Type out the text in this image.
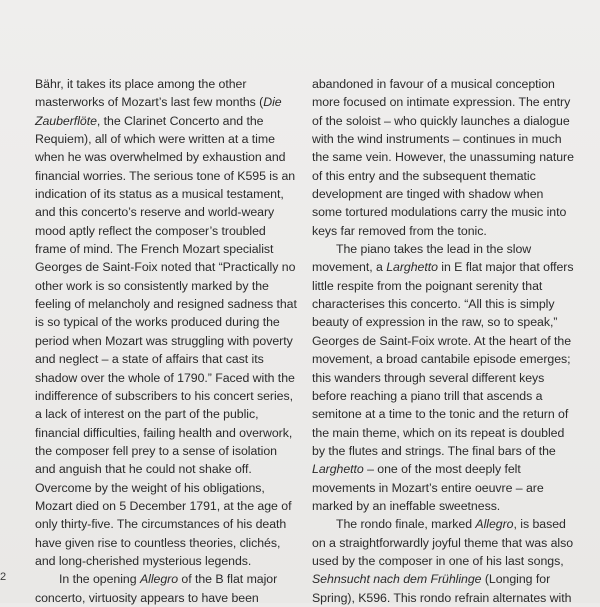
Bähr, it takes its place among the other masterworks of Mozart’s last few months (Die Zauberflöte, the Clarinet Concerto and the Requiem), all of which were written at a time when he was overwhelmed by exhaustion and financial worries. The serious tone of K595 is an indication of its status as a musical testament, and this concerto’s reserve and world-weary mood aptly reflect the composer’s troubled frame of mind. The French Mozart specialist Georges de Saint-Foix noted that “Practically no other work is so consistently marked by the feeling of melancholy and resigned sadness that is so typical of the works produced during the period when Mozart was struggling with poverty and neglect – a state of affairs that cast its shadow over the whole of 1790.” Faced with the indifference of subscribers to his concert series, a lack of interest on the part of the public, financial difficulties, failing health and overwork, the composer fell prey to a sense of isolation and anguish that he could not shake off. Overcome by the weight of his obligations, Mozart died on 5 December 1791, at the age of only thirty-five. The circumstances of his death have given rise to countless theories, clichés, and long-cherished mysterious legends.

In the opening Allegro of the B flat major concerto, virtuosity appears to have been

abandoned in favour of a musical conception more focused on intimate expression. The entry of the soloist – who quickly launches a dialogue with the wind instruments – continues in much the same vein. However, the unassuming nature of this entry and the subsequent thematic development are tinged with shadow when some tortured modulations carry the music into keys far removed from the tonic.

The piano takes the lead in the slow movement, a Larghetto in E flat major that offers little respite from the poignant serenity that characterises this concerto. “All this is simply beauty of expression in the raw, so to speak,” Georges de Saint-Foix wrote. At the heart of the movement, a broad cantabile episode emerges; this wanders through several different keys before reaching a piano trill that ascends a semitone at a time to the tonic and the return of the main theme, which on its repeat is doubled by the flutes and strings. The final bars of the Larghetto – one of the most deeply felt movements in Mozart’s entire oeuvre – are marked by an ineffable sweetness.

The rondo finale, marked Allegro, is based on a straightforwardly joyful theme that was also used by the composer in one of his last songs, Sehnsucht nach dem Frühlinge (Longing for Spring), K596. This rondo refrain alternates with

2
